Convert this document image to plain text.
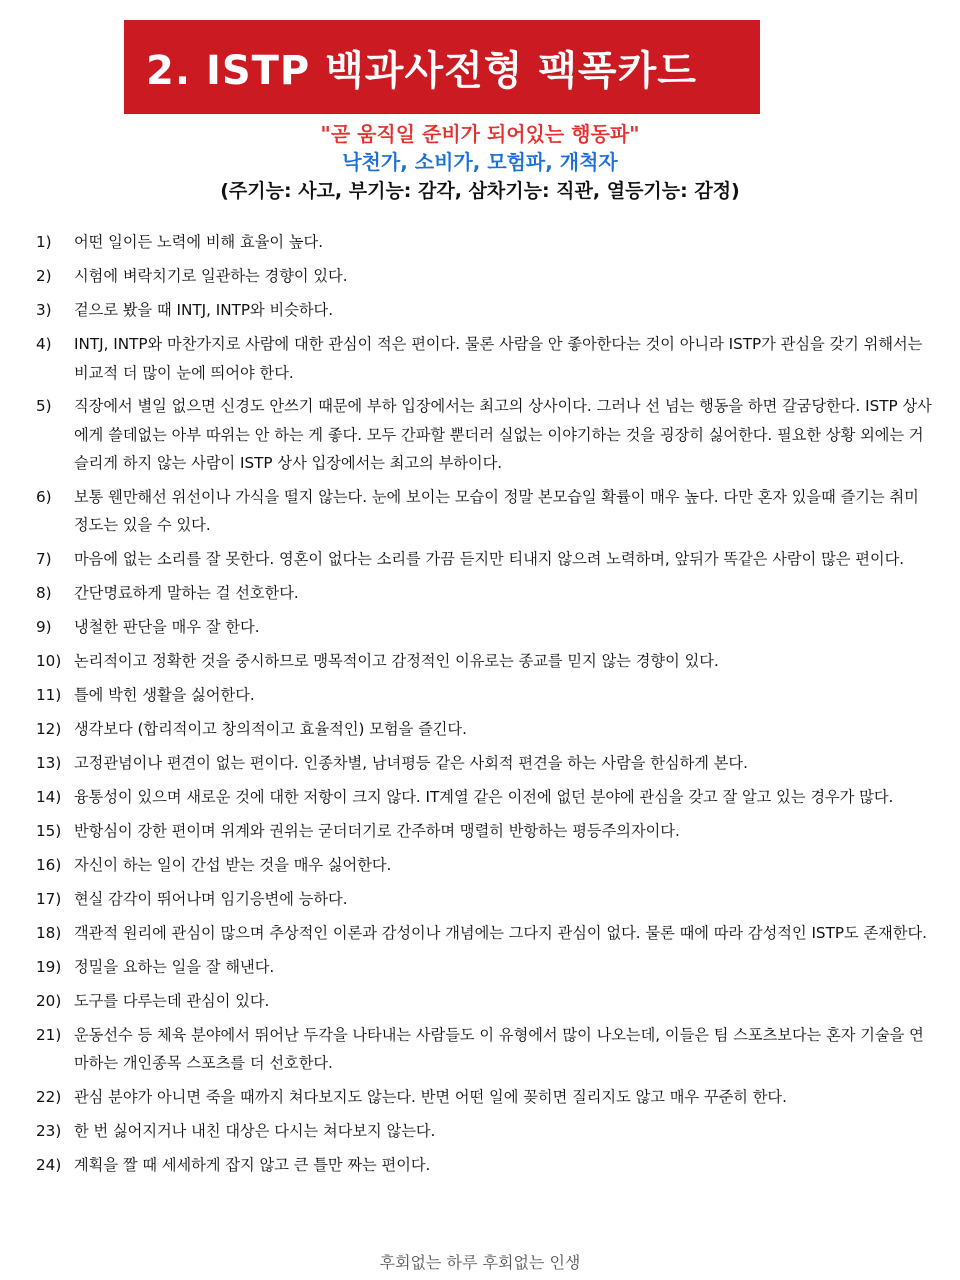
2. ISTP 백과사전형 팩폭카드
"곧 움직일 준비가 되어있는 행동파"
낙천가, 소비가, 모험파, 개척자
(주기능: 사고, 부기능: 감각, 삼차기능: 직관, 열등기능: 감정)
1)	어떤 일이든 노력에 비해 효율이 높다.
2)	시험에 벼락치기로 일관하는 경향이 있다.
3)	겉으로 봤을 때 INTJ, INTP와 비슷하다.
4)	INTJ, INTP와 마찬가지로 사람에 대한 관심이 적은 편이다. 물론 사람을 안 좋아한다는 것이 아니라 ISTP가 관심을 갖기 위해서는 비교적 더 많이 눈에 띄어야 한다.
5)	직장에서 별일 없으면 신경도 안쓰기 때문에 부하 입장에서는 최고의 상사이다. 그러나 선 넘는 행동을 하면 갈굼당한다. ISTP 상사에게 쓸데없는 아부 따위는 안 하는 게 좋다. 모두 간파할 뿐더러 실없는 이야기하는 것을 굉장히 싫어한다. 필요한 상황 외에는 거슬리게 하지 않는 사람이 ISTP 상사 입장에서는 최고의 부하이다.
6)	보통 웬만해선 위선이나 가식을 떨지 않는다. 눈에 보이는 모습이 정말 본모습일 확률이 매우 높다. 다만 혼자 있을때 즐기는 취미 정도는 있을 수 있다.
7)	마음에 없는 소리를 잘 못한다. 영혼이 없다는 소리를 가끔 듣지만 티내지 않으려 노력하며, 앞뒤가 똑같은 사람이 많은 편이다.
8)	간단명료하게 말하는 걸 선호한다.
9)	냉철한 판단을 매우 잘 한다.
10) 논리적이고 정확한 것을 중시하므로 맹목적이고 감정적인 이유로는 종교를 믿지 않는 경향이 있다.
11) 틀에 박힌 생활을 싫어한다.
12) 생각보다 (합리적이고 창의적이고 효율적인) 모험을 즐긴다.
13) 고정관념이나 편견이 없는 편이다. 인종차별, 남녀평등 같은 사회적 편견을 하는 사람을 한심하게 본다.
14) 융통성이 있으며 새로운 것에 대한 저항이 크지 않다. IT계열 같은 이전에 없던 분야에 관심을 갖고 잘 알고 있는 경우가 많다.
15) 반항심이 강한 편이며 위계와 권위는 굳더더기로 간주하며 맹렬히 반항하는 평등주의자이다.
16) 자신이 하는 일이 간섭 받는 것을 매우 싫어한다.
17) 현실 감각이 뛰어나며 임기응변에 능하다.
18) 객관적 원리에 관심이 많으며 추상적인 이론과 감성이나 개념에는 그다지 관심이 없다. 물론 때에 따라 감성적인 ISTP도 존재한다.
19) 정밀을 요하는 일을 잘 해낸다.
20) 도구를 다루는데 관심이 있다.
21) 운동선수 등 체육 분야에서 뛰어난 두각을 나타내는 사람들도 이 유형에서 많이 나오는데, 이들은 팀 스포츠보다는 혼자 기술을 연마하는 개인종목 스포츠를 더 선호한다.
22) 관심 분야가 아니면 죽을 때까지 쳐다보지도 않는다. 반면 어떤 일에 꽂히면 질리지도 않고 매우 꾸준히 한다.
23) 한 번 싫어지거나 내친 대상은 다시는 쳐다보지 않는다.
24) 계획을 짤 때 세세하게 잡지 않고 큰 틀만 짜는 편이다.
후회없는 하루 후회없는 인생
